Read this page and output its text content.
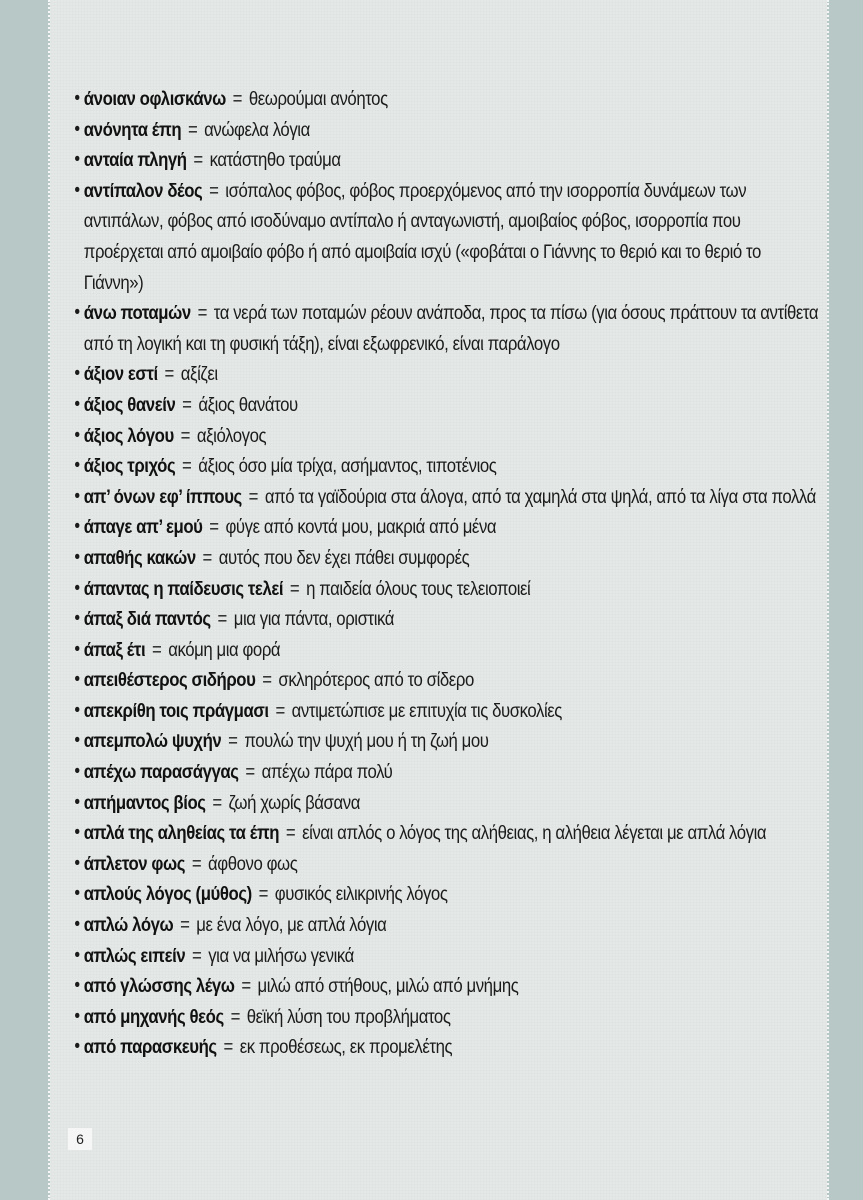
• άνοιαν οφλισκάνω = θεωρούμαι ανόητος
• ανόνητα έπη = ανώφελα λόγια
• ανταία πληγή = κατάστηθο τραύμα
• αντίπαλον δέος = ισόπαλος φόβος, φόβος προερχόμενος από την ισορροπία δυνάμεων των αντιπάλων, φόβος από ισοδύναμο αντίπαλο ή ανταγωνιστή, αμοιβαίος φόβος, ισορροπία που προέρχεται από αμοιβαίο φόβο ή από αμοιβαία ισχύ («φοβάται ο Γιάννης το θεριό και το θεριό το Γιάννη»)
• άνω ποταμών = τα νερά των ποταμών ρέουν ανάποδα, προς τα πίσω (για όσους πράττουν τα αντίθετα από τη λογική και τη φυσική τάξη), είναι εξωφρενικό, είναι παράλογο
• άξιον εστί = αξίζει
• άξιος θανείν = άξιος θανάτου
• άξιος λόγου = αξιόλογος
• άξιος τριχός = άξιος όσο μία τρίχα, ασήμαντος, τιποτένιος
• απ’ όνων εφ’ ίππους = από τα γαϊδούρια στα άλογα, από τα χαμηλά στα ψηλά, από τα λίγα στα πολλά
• άπαγε απ’ εμού = φύγε από κοντά μου, μακριά από μένα
• απαθής κακών = αυτός που δεν έχει πάθει συμφορές
• άπαντας η παίδευσις τελεί = η παιδεία όλους τους τελειοποιεί
• άπαξ διά παντός = μια για πάντα, οριστικά
• άπαξ έτι = ακόμη μια φορά
• απειθέστερος σιδήρου = σκληρότερος από το σίδερο
• απεκρίθη τοις πράγμασι = αντιμετώπισε με επιτυχία τις δυσκολίες
• απεμπολώ ψυχήν = πουλώ την ψυχή μου ή τη ζωή μου
• απέχω παρασάγγας = απέχω πάρα πολύ
• απήμαντος βίος = ζωή χωρίς βάσανα
• απλά της αληθείας τα έπη = είναι απλός ο λόγος της αλήθειας, η αλήθεια λέγεται με απλά λόγια
• άπλετον φως = άφθονο φως
• απλούς λόγος (μύθος) = φυσικός ειλικρινής λόγος
• απλώ λόγω = με ένα λόγο, με απλά λόγια
• απλώς ειπείν = για να μιλήσω γενικά
• από γλώσσης λέγω = μιλώ από στήθους, μιλώ από μνήμης
• από μηχανής θεός = θεϊκή λύση του προβλήματος
• από παρασκευής = εκ προθέσεως, εκ προμελέτης
6
